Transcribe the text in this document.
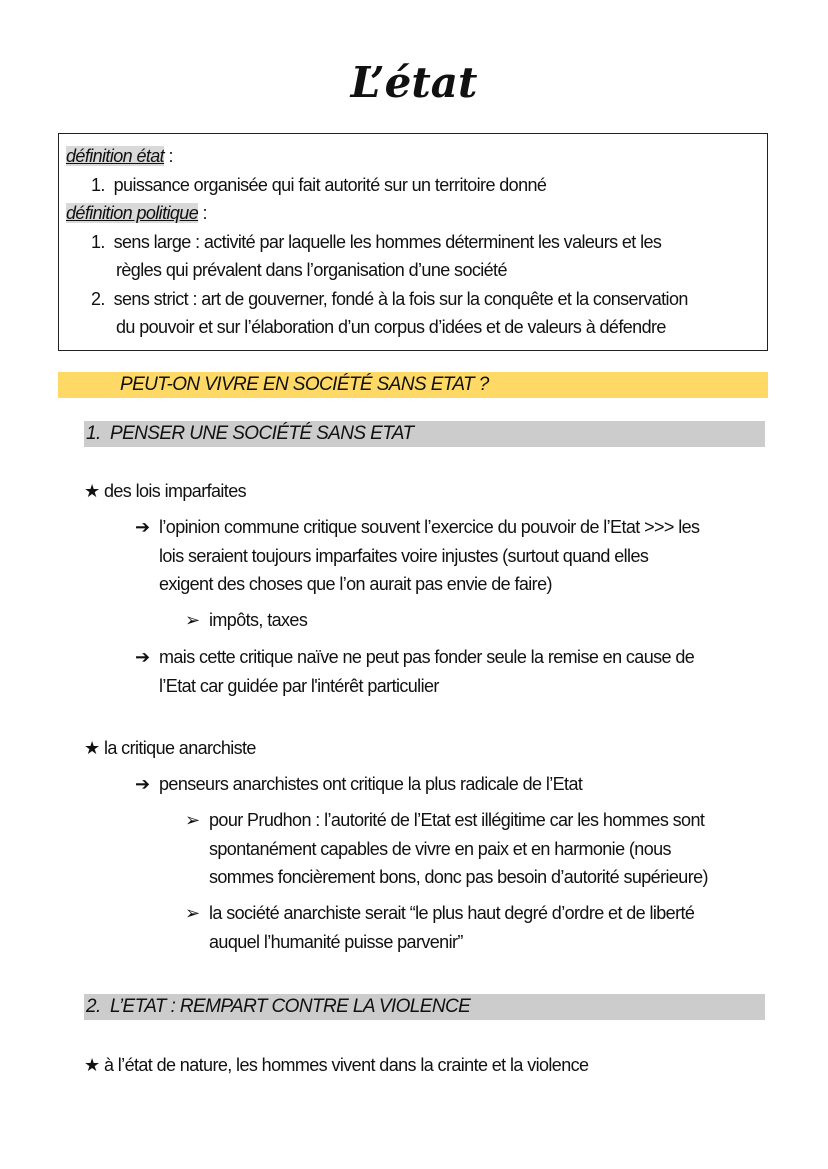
L’état
définition état :
1.  puissance organisée qui fait autorité sur un territoire donné
définition politique :
1.  sens large : activité par laquelle les hommes déterminent les valeurs et les
règles qui prévalent dans l’organisation d’une société
2.  sens strict : art de gouverner, fondé à la fois sur la conquête et la conservation
du pouvoir et sur l’élaboration d’un corpus d’idées et de valeurs à défendre
PEUT-ON VIVRE EN SOCIÉTÉ SANS ETAT ?
1. PENSER UNE SOCIÉTÉ SANS ETAT
★ des lois imparfaites
➔ l’opinion commune critique souvent l’exercice du pouvoir de l’Etat >>> les
lois seraient toujours imparfaites voire injustes (surtout quand elles
exigent des choses que l’on aurait pas envie de faire)
➢ impôts, taxes
➔ mais cette critique naïve ne peut pas fonder seule la remise en cause de
l’Etat car guidée par l'intérêt particulier
★ la critique anarchiste
➔ penseurs anarchistes ont critique la plus radicale de l’Etat
➢ pour Prudhon : l’autorité de l’Etat est illégitime car les hommes sont
spontanément capables de vivre en paix et en harmonie (nous
sommes foncièrement bons, donc pas besoin d’autorité supérieure)
➢ la société anarchiste serait “le plus haut degré d’ordre et de liberté
auquel l’humanité puisse parvenir”
2. L’ETAT : REMPART CONTRE LA VIOLENCE
★ à l’état de nature, les hommes vivent dans la crainte et la violence
